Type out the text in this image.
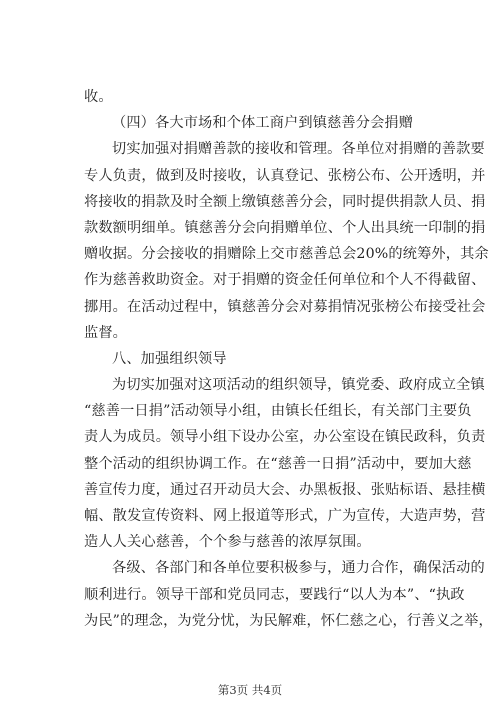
收。
（四）各大市场和个体工商户到镇慈善分会捐赠
切实加强对捐赠善款的接收和管理。各单位对捐赠的善款要
专人负责，做到及时接收，认真登记、张榜公布、公开透明，并
将接收的捐款及时全额上缴镇慈善分会，同时提供捐款人员、捐
款数额明细单。镇慈善分会向捐赠单位、个人出具统一印制的捐
赠收据。分会接收的捐赠除上交市慈善总会20%的统筹外，其余
作为慈善救助资金。对于捐赠的资金任何单位和个人不得截留、
挪用。在活动过程中，镇慈善分会对募捐情况张榜公布接受社会
监督。
八、加强组织领导
为切实加强对这项活动的组织领导，镇党委、政府成立全镇
“慈善一日捐”活动领导小组，由镇长任组长，有关部门主要负
责人为成员。领导小组下设办公室，办公室设在镇民政科，负责
整个活动的组织协调工作。在“慈善一日捐”活动中，要加大慈
善宣传力度，通过召开动员大会、办黑板报、张贴标语、悬挂横
幅、散发宣传资料、网上报道等形式，广为宣传，大造声势，营
造人人关心慈善，个个参与慈善的浓厚氛围。
各级、各部门和各单位要积极参与，通力合作，确保活动的
顺利进行。领导干部和党员同志，要践行“以人为本”、“执政
为民”的理念，为党分忧，为民解难，怀仁慈之心，行善义之举，
第3页 共4页
